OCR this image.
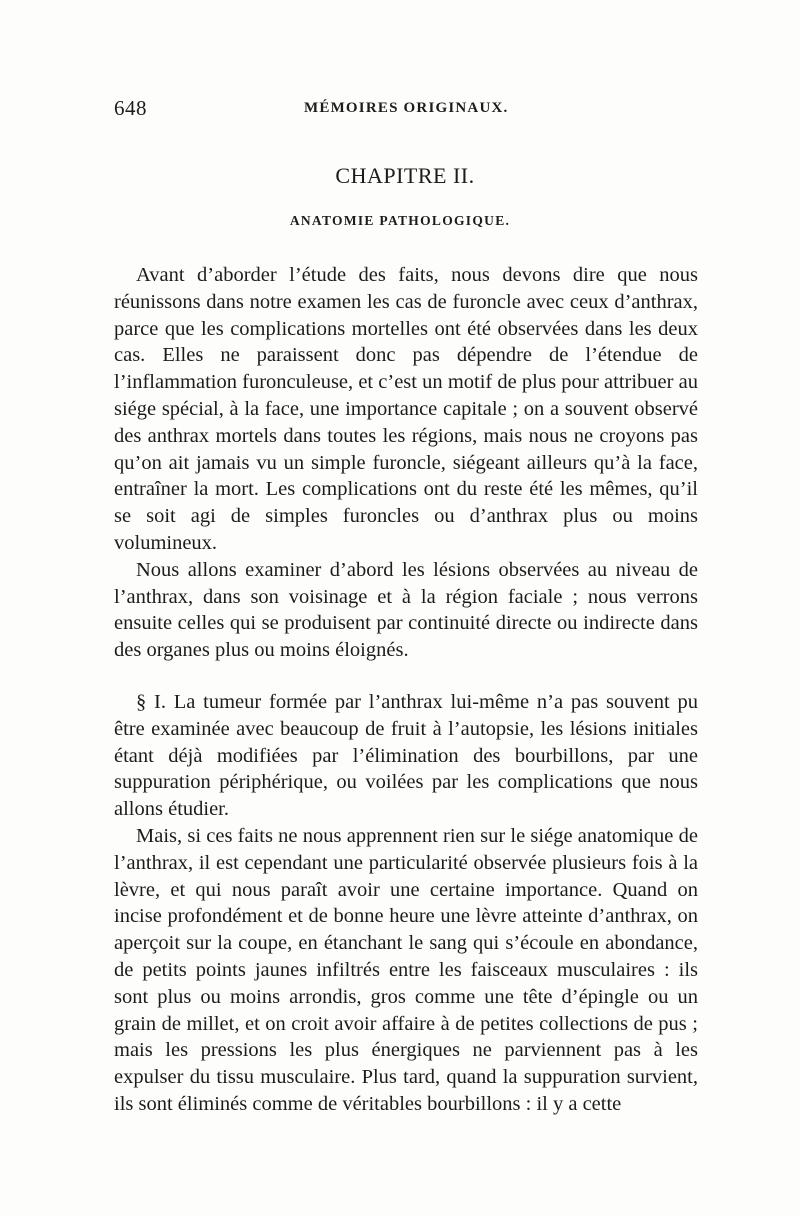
648	MÉMOIRES ORIGINAUX.
CHAPITRE II.
ANATOMIE PATHOLOGIQUE.

Avant d’aborder l’étude des faits, nous devons dire que nous réunissons dans notre examen les cas de furoncle avec ceux d’anthrax, parce que les complications mortelles ont été observées dans les deux cas. Elles ne paraissent donc pas dépendre de l’étendue de l’inflammation furonculeuse, et c’est un motif de plus pour attribuer au siége spécial, à la face, une importance capitale ; on a souvent observé des anthrax mortels dans toutes les régions, mais nous ne croyons pas qu’on ait jamais vu un simple furoncle, siégeant ailleurs qu’à la face, entraîner la mort. Les complications ont du reste été les mêmes, qu’il se soit agi de simples furoncles ou d’anthrax plus ou moins volumineux.

Nous allons examiner d’abord les lésions observées au niveau de l’anthrax, dans son voisinage et à la région faciale ; nous verrons ensuite celles qui se produisent par continuité directe ou indirecte dans des organes plus ou moins éloignés.

§ I. La tumeur formée par l’anthrax lui-même n’a pas souvent pu être examinée avec beaucoup de fruit à l’autopsie, les lésions initiales étant déjà modifiées par l’élimination des bourbillons, par une suppuration périphérique, ou voilées par les complications que nous allons étudier.

Mais, si ces faits ne nous apprennent rien sur le siége anatomique de l’anthrax, il est cependant une particularité observée plusieurs fois à la lèvre, et qui nous paraît avoir une certaine importance. Quand on incise profondément et de bonne heure une lèvre atteinte d’anthrax, on aperçoit sur la coupe, en étanchant le sang qui s’écoule en abondance, de petits points jaunes infiltrés entre les faisceaux musculaires : ils sont plus ou moins arrondis, gros comme une tête d’épingle ou un grain de millet, et on croit avoir affaire à de petites collections de pus ; mais les pressions les plus énergiques ne parviennent pas à les expulser du tissu musculaire. Plus tard, quand la suppuration survient, ils sont éliminés comme de véritables bourbillons : il y a cette
